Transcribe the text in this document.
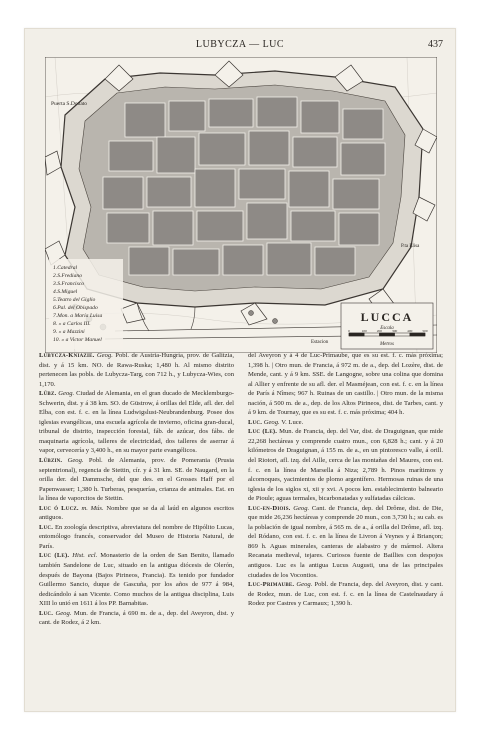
LUBYCZA — LUC	437
Puerta S.Donato
P.ta Elisa
Estacion
1.Catedral
2.S.Frediano
3.S.Francisco
4.S.Miguel
5.Teatro del Giglio
6.Pal. del Obispado
7.Mon. a María Luisa
8. » a Carlos III.
9. » a Mazzini
10. » a Victor Manuel
LUCCA
Escala
0	100	200	300	400	500
Metros

Lubycza-Kniazie. Geog. Pobl. de Austria-Hungría, prov. de Galitzia, dist. y á 15 km. NO. de Rawa-Ruska; 1,480 h. Al mismo distrito pertenecen las pobls. de Lubycza-Targ, con 712 h., y Lubycza-Wies, con 1,170.

Lübz. Geog. Ciudad de Alemania, en el gran ducado de Mecklemburgo-Schwerin, dist. y á 38 km. SO. de Güstrow, á orillas del Elde, afl. der. del Elba, con est. f. c. en la línea Ludwigslust-Neubrandenburg. Posee dos iglesias evangélicas, una escuela agrícola de invierno, oficina gran-ducal, tribunal de distrito, inspección forestal, fáb. de azúcar, dos fábs. de maquinaria agrícola, talleres de electricidad, dos talleres de aserrar á vapor, cervecería y 3,400 h., en su mayor parte evangélicos.

Lübzin. Geog. Pobl. de Alemania, prov. de Pomerania (Prusia septentrional), regencia de Stettin, cír. y á 31 km. SE. de Naugard, en la orilla der. del Dammsche, del que des. en el Grosses Haff por el Papenwasser; 1,380 h. Turberas, pesquerías, crianza de animales. Est. en la línea de vaporcitos de Stettin.

Luc ó Lucz. m. Mús. Nombre que se da al laúd en algunos escritos antiguos.

Luc. En zoología descriptiva, abreviatura del nombre de Hipólito Lucas, entomólogo francés, conservador del Museo de Historia Natural, de París.

Luc (Le). Hist. ecl. Monasterio de la orden de San Benito, llamado también Sandelone de Luc, situado en la antigua diócesis de Olerón, después de Bayona (Bajos Pirineos, Francia). Es tenido por fundador Guillermo Sancio, duque de Gascuña, por los años de 977 á 984, dedicándolo á san Vicente. Como muchos de la antigua disciplina, Luis XIII lo unió en 1611 á los PP. Barnabitas.

Luc. Geog. Mun. de Francia, á 690 m. de a., dep. del Aveyron, dist. y cant. de Rodez, á 2 km.

del Aveyron y á 4 de Luc-Primaube, que es su est. f. c. más próxima; 1,398 h. | Otro mun. de Francia, á 972 m. de a., dep. del Lozère, dist. de Mende, cant. y á 9 km. SSE. de Langogne, sobre una colina que domina al Allier y enfrente de su afl. der. el Masméjean, con est. f. c. en la línea de París á Nîmes; 967 h. Ruinas de un castillo. | Otro mun. de la misma nación, á 500 m. de a., dep. de los Altos Pirineos, dist. de Tarbes, cant. y á 9 km. de Tournay, que es su est. f. c. más próxima; 404 h.

Luc. Geog. V. Luce.

Luc (Le). Mun. de Francia, dep. del Var, dist. de Draguignan, que mide 22,268 hectáreas y comprende cuatro mun., con 6,828 h.; cant. y á 20 kilómetros de Draguignan, á 155 m. de a., en un pintoresco valle, á orill. del Riotort, afl. izq. del Aille, cerca de las montañas del Maures, con est. f. c. en la línea de Marsella á Niza; 2,789 h. Pinos marítimos y alcornoques, yacimientos de plomo argentífero. Hermosas ruinas de una iglesia de los siglos xi, xii y xvi. A pocos km. establecimiento balneario de Pioule; aguas termales, bicarbonatadas y sulfatadas cálcicas.

Luc-en-Diois. Geog. Cant. de Francia, dep. del Drôme, dist. de Die, que mide 26,236 hectáreas y comprende 20 mun., con 3,730 h.; su cab. es la población de igual nombre, á 565 m. de a., á orilla del Drôme, afl. izq. del Ródano, con est. f. c. en la línea de Livron á Veynes y á Briançon; 869 h. Aguas minerales, canteras de alabastro y de mármol. Altera Recanata medieval, tejares. Curiosos fuente de Baillies con despojos antiguos. Luc es la antigua Lucus Augusti, una de las principales ciudades de los Vocontios.

Luc-Primaube. Geog. Pobl. de Francia, dep. del Aveyron, dist. y cant. de Rodez, mun. de Luc, con est. f. c. en la línea de Castelnaudary á Rodez por Castres y Carmaux; 1,390 h.
